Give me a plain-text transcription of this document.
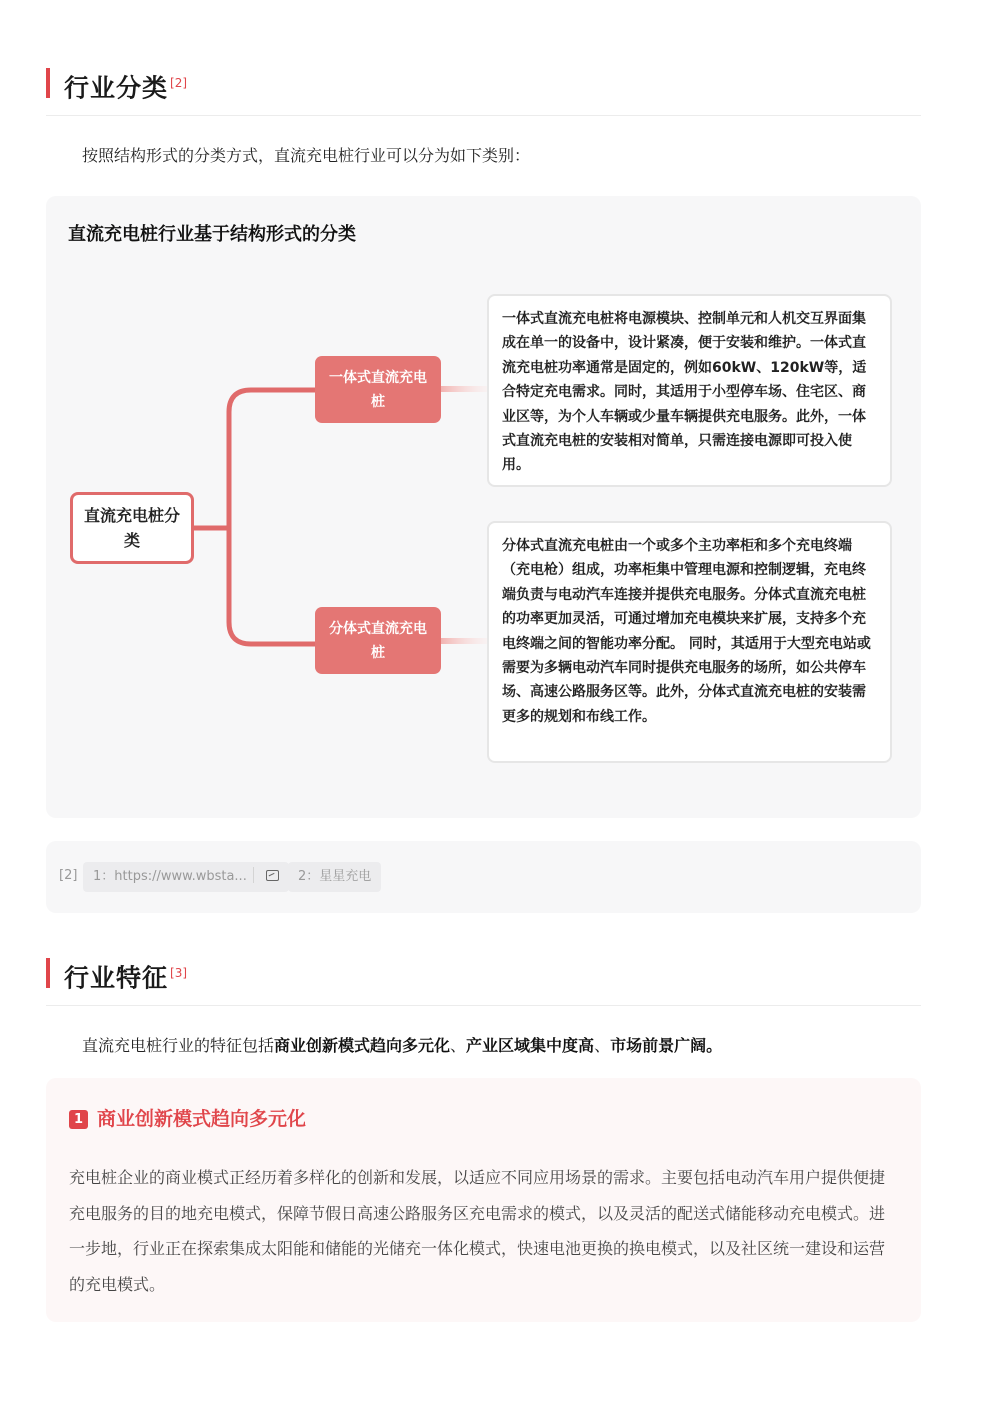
行业分类 [2]
按照结构形式的分类方式，直流充电桩行业可以分为如下类别：
直流充电桩行业基于结构形式的分类
直流充电桩分类
一体式直流充电桩
分体式直流充电桩
一体式直流充电桩将电源模块、控制单元和人机交互界面集成在单一的设备中，设计紧凑，便于安装和维护。一体式直流充电桩功率通常是固定的，例如60kW、120kW等，适合特定充电需求。同时，其适用于小型停车场、住宅区、商业区等，为个人车辆或少量车辆提供充电服务。此外，一体式直流充电桩的安装相对简单，只需连接电源即可投入使用。
分体式直流充电桩由一个或多个主功率柜和多个充电终端（充电枪）组成，功率柜集中管理电源和控制逻辑，充电终端负责与电动汽车连接并提供充电服务。分体式直流充电桩的功率更加灵活，可通过增加充电模块来扩展，支持多个充电终端之间的智能功率分配。 同时，其适用于大型充电站或需要为多辆电动汽车同时提供充电服务的场所，如公共停车场、高速公路服务区等。此外，分体式直流充电桩的安装需更多的规划和布线工作。
[2]	1：https://www.wbsta...	2：星星充电
行业特征 [3]
直流充电桩行业的特征包括商业创新模式趋向多元化、产业区域集中度高、市场前景广阔。
1 商业创新模式趋向多元化
充电桩企业的商业模式正经历着多样化的创新和发展，以适应不同应用场景的需求。主要包括电动汽车用户提供便捷充电服务的目的地充电模式，保障节假日高速公路服务区充电需求的模式，以及灵活的配送式储能移动充电模式。进一步地，行业正在探索集成太阳能和储能的光储充一体化模式，快速电池更换的换电模式，以及社区统一建设和运营的充电模式。
